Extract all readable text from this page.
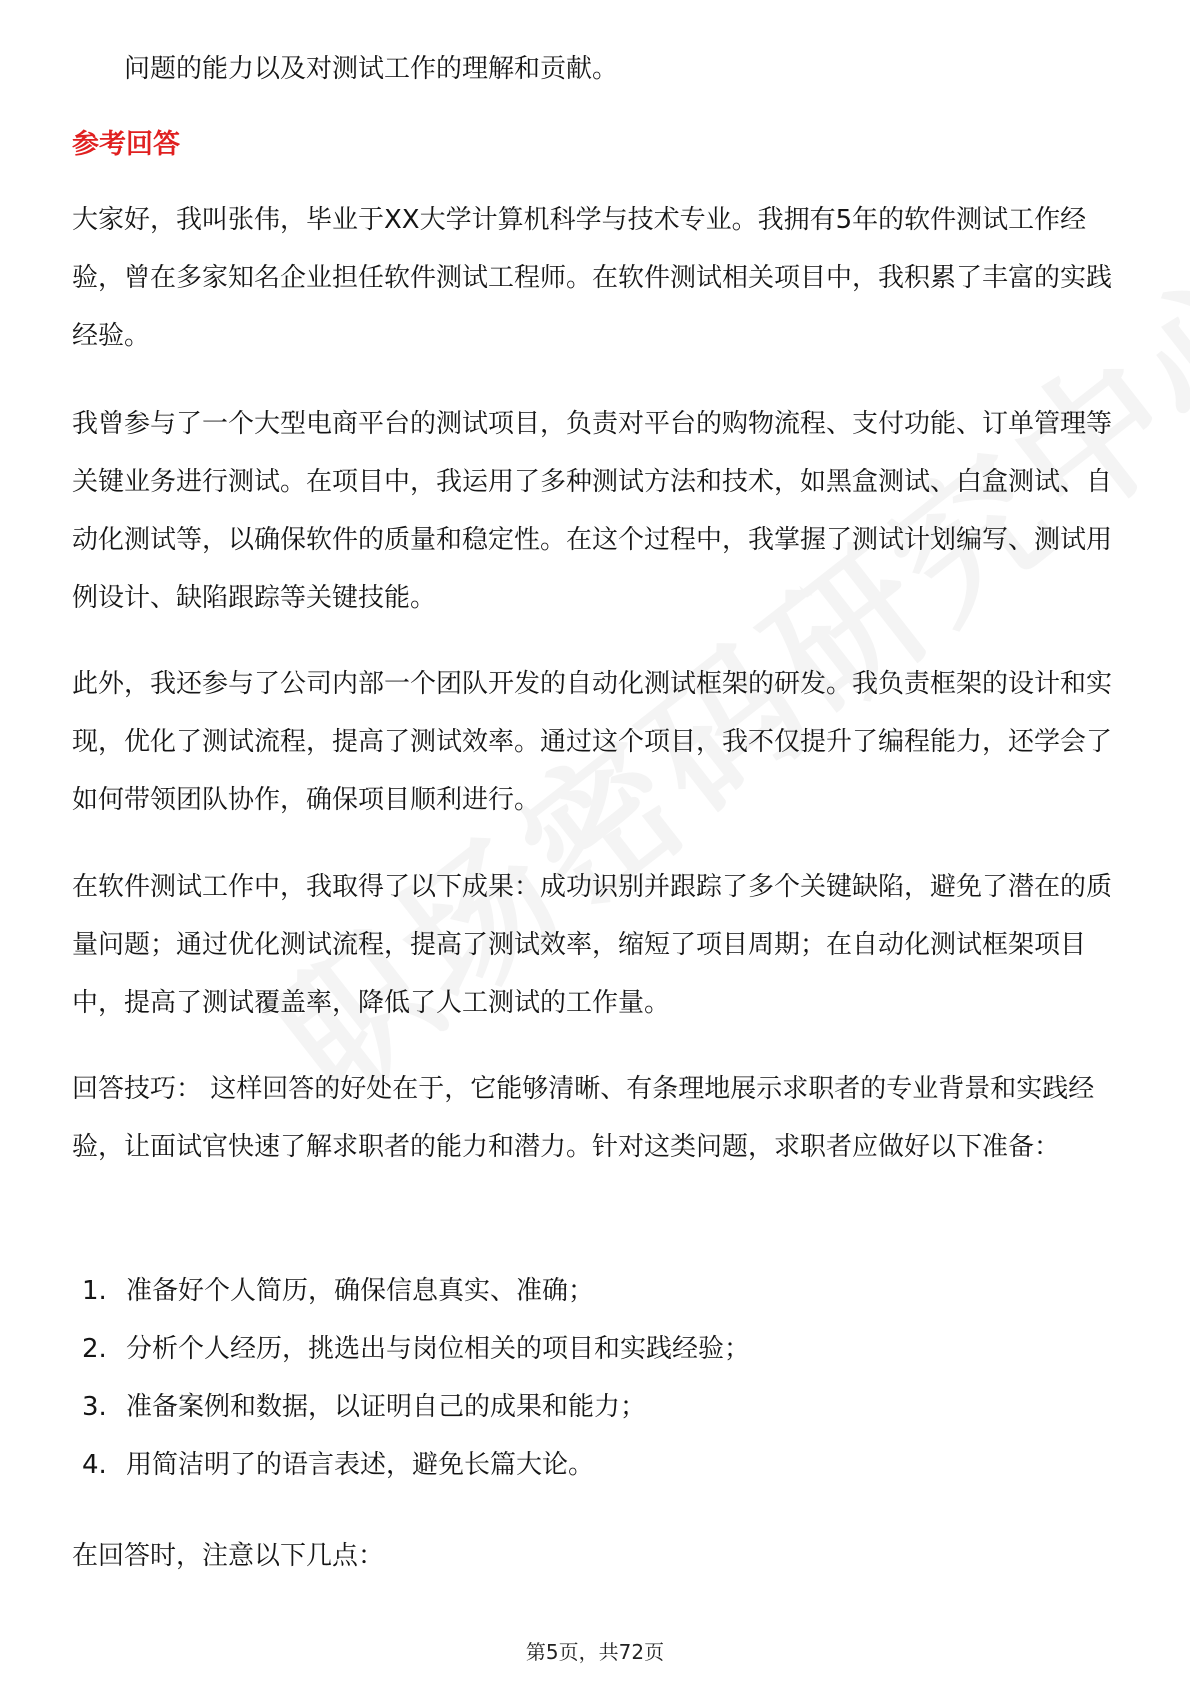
问题的能力以及对测试工作的理解和贡献。

参考回答

大家好，我叫张伟，毕业于XX大学计算机科学与技术专业。我拥有5年的软件测试工作经验，曾在多家知名企业担任软件测试工程师。在软件测试相关项目中，我积累了丰富的实践经验。

我曾参与了一个大型电商平台的测试项目，负责对平台的购物流程、支付功能、订单管理等关键业务进行测试。在项目中，我运用了多种测试方法和技术，如黑盒测试、白盒测试、自动化测试等，以确保软件的质量和稳定性。在这个过程中，我掌握了测试计划编写、测试用例设计、缺陷跟踪等关键技能。

此外，我还参与了公司内部一个团队开发的自动化测试框架的研发。我负责框架的设计和实现，优化了测试流程，提高了测试效率。通过这个项目，我不仅提升了编程能力，还学会了如何带领团队协作，确保项目顺利进行。

在软件测试工作中，我取得了以下成果：成功识别并跟踪了多个关键缺陷，避免了潜在的质量问题；通过优化测试流程，提高了测试效率，缩短了项目周期；在自动化测试框架项目中，提高了测试覆盖率，降低了人工测试的工作量。

回答技巧： 这样回答的好处在于，它能够清晰、有条理地展示求职者的专业背景和实践经验，让面试官快速了解求职者的能力和潜力。针对这类问题，求职者应做好以下准备：

1. 准备好个人简历，确保信息真实、准确；
2. 分析个人经历，挑选出与岗位相关的项目和实践经验；
3. 准备案例和数据，以证明自己的成果和能力；
4. 用简洁明了的语言表述，避免长篇大论。

在回答时，注意以下几点：

第5页，共72页
